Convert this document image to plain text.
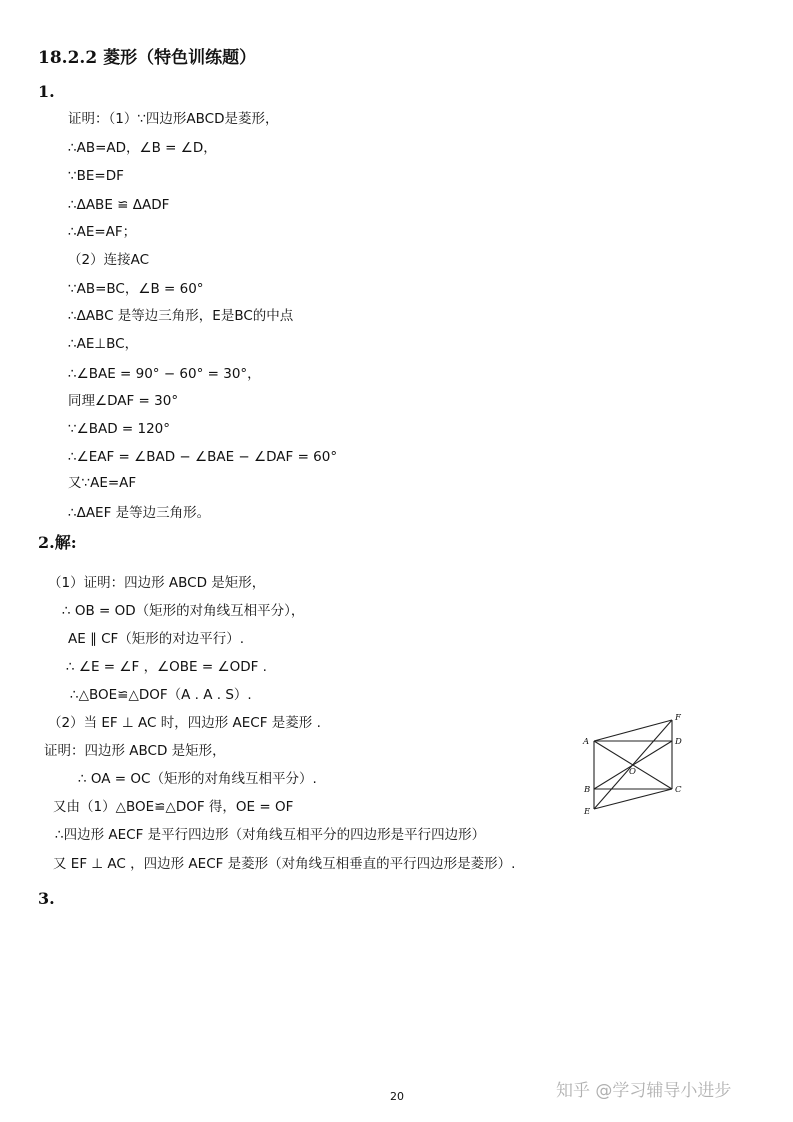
18.2.2 菱形（特色训练题）
1.
证明：（1）∵四边形ABCD是菱形，
∴AB=AD，∠B = ∠D，
∵BE=DF
∴ΔABE ≌ ΔADF
∴AE=AF；
（2）连接AC
∵AB=BC，∠B = 60°
∴ΔABC 是等边三角形，E是BC的中点
∴AE⊥BC，
∴∠BAE = 90° − 60° = 30°，
同理∠DAF = 30°
∵∠BAD = 120°
∴∠EAF = ∠BAD − ∠BAE − ∠DAF = 60°
又∵AE=AF
∴ΔAEF 是等边三角形。
2.解:
（1）证明：四边形 ABCD 是矩形，
∴ OB = OD（矩形的对角线互相平分），
AE ∥ CF（矩形的对边平行）.
∴ ∠E = ∠F ，∠OBE = ∠ODF .
∴△BOE≌△DOF（A . A . S）.
（2）当 EF ⊥ AC 时，四边形 AECF 是菱形 .
证明：四边形 ABCD 是矩形，
∴ OA = OC（矩形的对角线互相平分）.
又由（1）△BOE≌△DOF 得，OE = OF
∴四边形 AECF 是平行四边形（对角线互相平分的四边形是平行四边形）
又 EF ⊥ AC ，四边形 AECF 是菱形（对角线互相垂直的平行四边形是菱形）.
A
B
E
F
D
C
O
3.
20	知乎 @学习辅导小进步
